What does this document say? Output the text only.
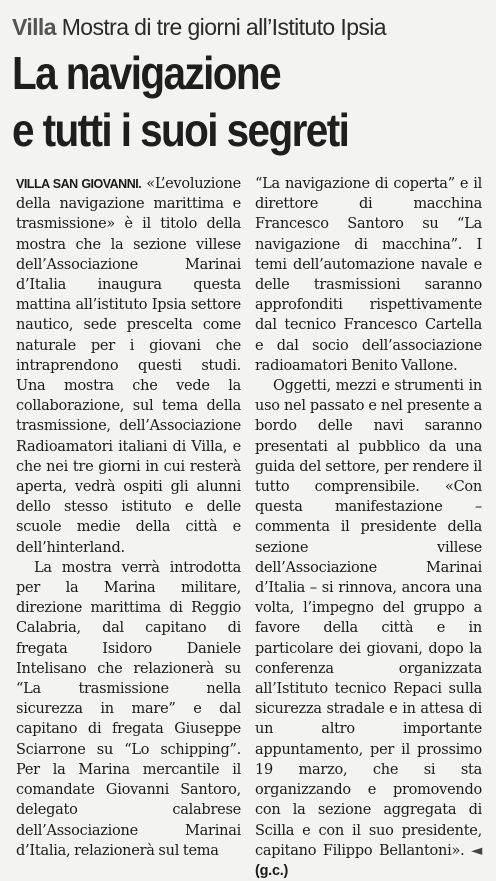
Villa Mostra di tre giorni all’Istituto Ipsia
La navigazione
e tutti i suoi segreti

VILLA SAN GIOVANNI. «L’evoluzione della navigazione marittima e trasmissione» è il titolo della mostra che la sezione villese dell’Associazione Marinai d’Italia inaugura questa mattina all’istituto Ipsia settore nautico, sede prescelta come naturale per i giovani che intraprendono questi studi. Una mostra che vede la collaborazione, sul tema della trasmissione, dell’Associazione Radioamatori italiani di Villa, e che nei tre giorni in cui resterà aperta, vedrà ospiti gli alunni dello stesso istituto e delle scuole medie della città e dell’hinterland.

La mostra verrà introdotta per la Marina militare, direzione marittima di Reggio Calabria, dal capitano di fregata Isidoro Daniele Intelisano che relazionerà su “La trasmissione nella sicurezza in mare” e dal capitano di fregata Giuseppe Sciarrone su “Lo schipping”. Per la Marina mercantile il comandate Giovanni Santoro, delegato calabrese dell’Associazione Marinai d’Italia, relazionerà sul tema

“La navigazione di coperta” e il direttore di macchina Francesco Santoro su “La navigazione di macchina”. I temi dell’automazione navale e delle trasmissioni saranno approfonditi rispettivamente dal tecnico Francesco Cartella e dal socio dell’associazione radioamatori Benito Vallone.

Oggetti, mezzi e strumenti in uso nel passato e nel presente a bordo delle navi saranno presentati al pubblico da una guida del settore, per rendere il tutto comprensibile. «Con questa manifestazione – commenta il presidente della sezione villese dell’Associazione Marinai d’Italia – si rinnova, ancora una volta, l’impegno del gruppo a favore della città e in particolare dei giovani, dopo la conferenza organizzata all’Istituto tecnico Repaci sulla sicurezza stradale e in attesa di un altro importante appuntamento, per il prossimo 19 marzo, che si sta organizzando e promovendo con la sezione aggregata di Scilla e con il suo presidente, capitano Filippo Bellantoni». ◄ (g.c.)
